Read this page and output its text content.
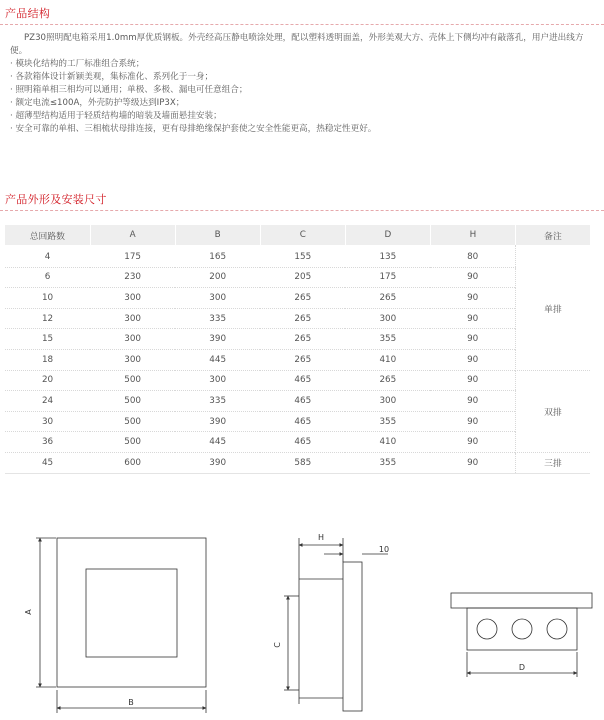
产品结构

PZ30照明配电箱采用1.0mm厚优质钢板。外壳经高压静电喷涂处理，配以塑料透明面盖，外形美观大方、壳体上下侧均冲有敲落孔，用户进出线方便。

· 模块化结构的工厂标准组合系统；
· 各款箱体设计新颖美观，集标准化、系列化于一身；
· 照明箱单相三相均可以通用；单极、多极、漏电可任意组合；
· 额定电流≤100A，外壳防护等级达到IP3X；
· 超薄型结构适用于轻质结构墙的暗装及墙面悬挂安装；
· 安全可靠的单相、三相梳状母排连接，更有母排绝缘保护套使之安全性能更高，热稳定性更好。
产品外形及安装尺寸
总回路数	A	B	C	D	H	备注
4	175	165	155	135	80	单排
6	230	200	205	175	90	
10	300	300	265	265	90	
12	300	335	265	300	90	
15	300	390	265	355	90	
18	300	445	265	410	90	
20	500	300	465	265	90	双排
24	500	335	465	300	90	
30	500	390	465	355	90	
36	500	445	465	410	90	
45	600	390	585	355	90	三排
A
B
H
10
C
D
